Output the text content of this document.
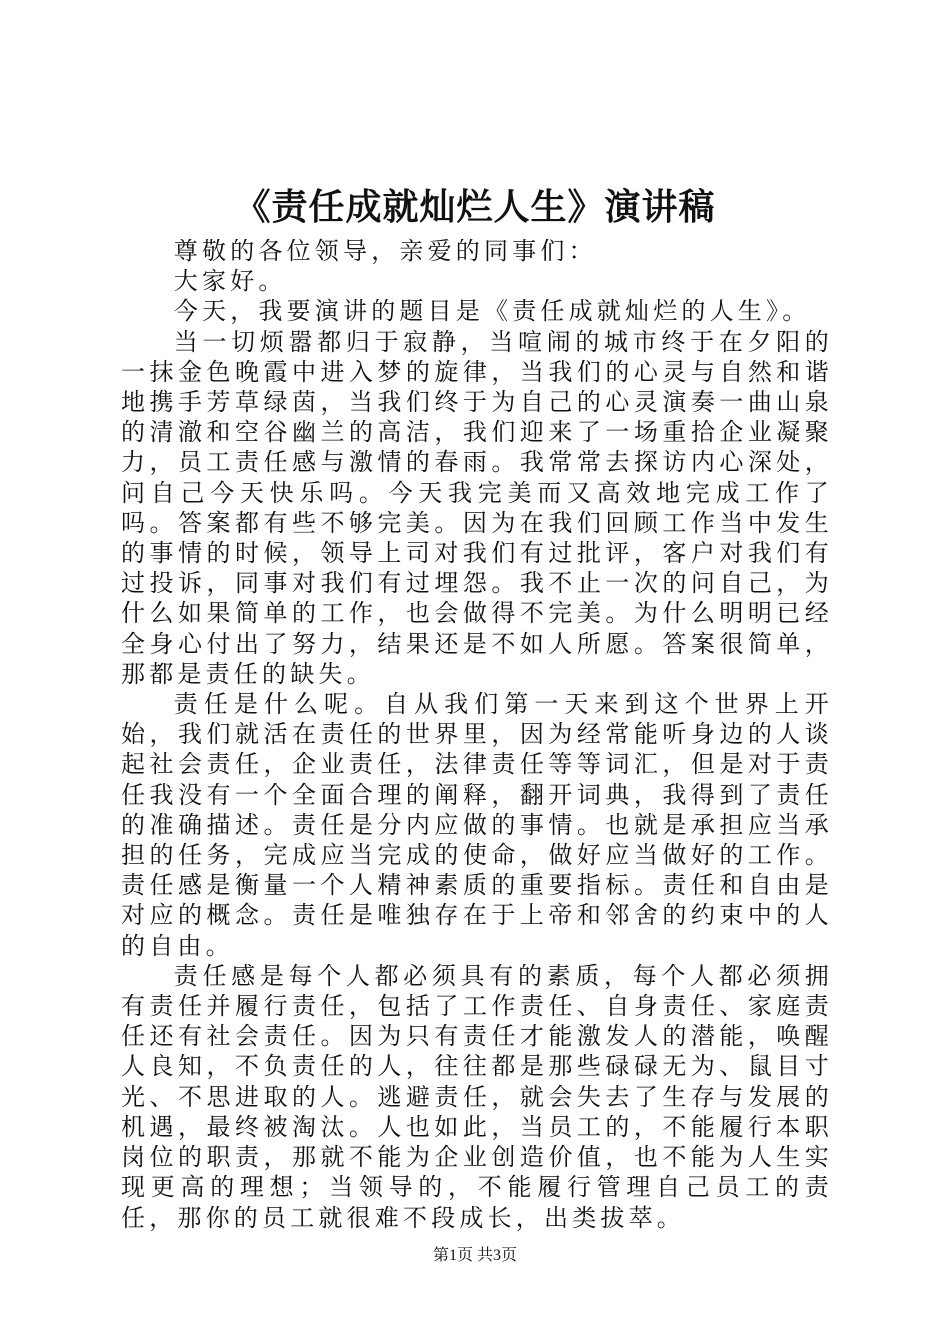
《责任成就灿烂人生》演讲稿

尊敬的各位领导，亲爱的同事们：

大家好。

今天，我要演讲的题目是《责任成就灿烂的人生》。

当一切烦嚣都归于寂静，当喧闹的城市终于在夕阳的一抹金色晚霞中进入梦的旋律，当我们的心灵与自然和谐地携手芳草绿茵，当我们终于为自己的心灵演奏一曲山泉的清澈和空谷幽兰的高洁，我们迎来了一场重拾企业凝聚力，员工责任感与激情的春雨。我常常去探访内心深处，问自己今天快乐吗。今天我完美而又高效地完成工作了吗。答案都有些不够完美。因为在我们回顾工作当中发生的事情的时候，领导上司对我们有过批评，客户对我们有过投诉，同事对我们有过埋怨。我不止一次的问自己，为什么如果简单的工作，也会做得不完美。为什么明明已经全身心付出了努力，结果还是不如人所愿。答案很简单，那都是责任的缺失。

责任是什么呢。自从我们第一天来到这个世界上开始，我们就活在责任的世界里，因为经常能听身边的人谈起社会责任，企业责任，法律责任等等词汇，但是对于责任我没有一个全面合理的阐释，翻开词典，我得到了责任的准确描述。责任是分内应做的事情。也就是承担应当承担的任务，完成应当完成的使命，做好应当做好的工作。责任感是衡量一个人精神素质的重要指标。责任和自由是对应的概念。责任是唯独存在于上帝和邻舍的约束中的人的自由。

责任感是每个人都必须具有的素质，每个人都必须拥有责任并履行责任，包括了工作责任、自身责任、家庭责任还有社会责任。因为只有责任才能激发人的潜能，唤醒人良知，不负责任的人，往往都是那些碌碌无为、鼠目寸光、不思进取的人。逃避责任，就会失去了生存与发展的机遇，最终被淘汰。人也如此，当员工的，不能履行本职岗位的职责，那就不能为企业创造价值，也不能为人生实现更高的理想；当领导的，不能履行管理自己员工的责任，那你的员工就很难不段成长，出类拔萃。

第1页 共3页
